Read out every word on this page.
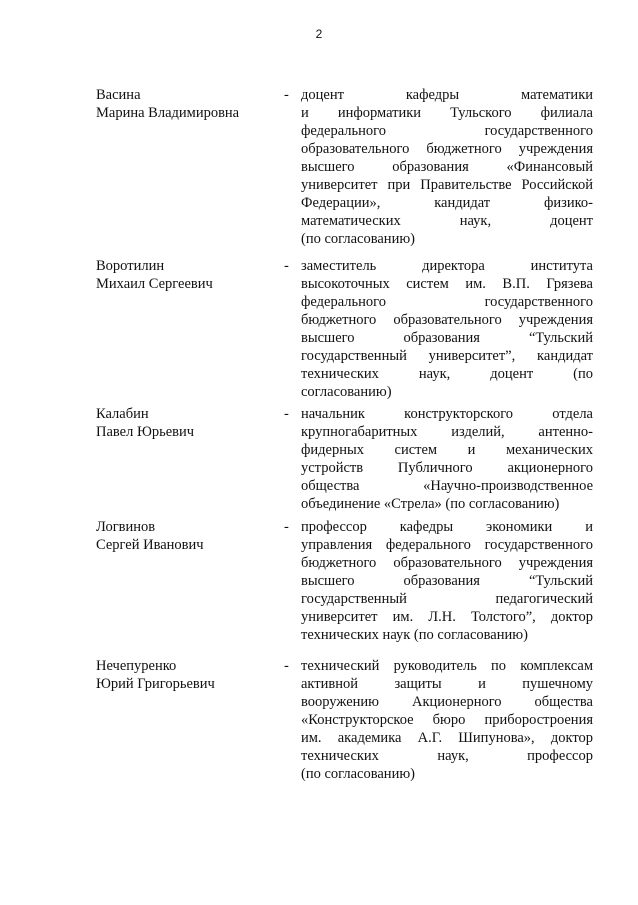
2
Васина
Марина Владимировна
- доцент кафедры математики
и информатики Тульского филиала
федерального государственного
образовательного бюджетного учреждения
высшего образования «Финансовый
университет при Правительстве Российской
Федерации», кандидат физико-
математических наук, доцент
(по согласованию)
Воротилин
Михаил Сергеевич
- заместитель директора института
высокоточных систем им. В.П. Грязева
федерального государственного
бюджетного образовательного учреждения
высшего образования “Тульский
государственный университет”, кандидат
технических наук, доцент (по
согласованию)
Калабин
Павел Юрьевич
- начальник конструкторского отдела
крупногабаритных изделий, антенно-
фидерных систем и механических
устройств Публичного акционерного
общества «Научно-производственное
объединение «Стрела» (по согласованию)
Логвинов
Сергей Иванович
- профессор кафедры экономики и
управления федерального государственного
бюджетного образовательного учреждения
высшего образования “Тульский
государственный педагогический
университет им. Л.Н. Толстого”, доктор
технических наук (по согласованию)
Нечепуренко
Юрий Григорьевич
- технический руководитель по комплексам
активной защиты и пушечному
вооружению Акционерного общества
«Конструкторское бюро приборостроения
им. академика А.Г. Шипунова», доктор
технических наук, профессор
(по согласованию)
